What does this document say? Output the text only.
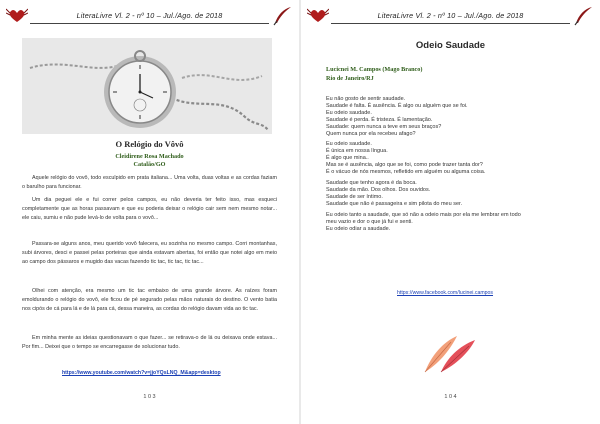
LiteraLivre Vl. 2 - nº 10 – Jul./Ago. de 2018
O Relógio do Vôvô
Cleidirene Rosa Machado
Catalão/GO

Aquele relógio do vovô, todo esculpido em prata italiana... Uma volta, duas voltas e as cordas faziam o barulho para funcionar.

Um dia peguei ele e fui correr pelos campos, eu não deveria ter feito isso, mas esqueci completamente que as horas passavam e que eu poderia deixar o relógio cair sem nem mesmo notar... ele caiu, sumiu e não pude levá-lo de volta para o vovô...

Passara-se alguns anos, meu querido vovô falecera, eu sozinha no mesmo campo. Corri montanhas, subi árvores, desci e passei pelas porteiras que ainda estavam abertas, foi então que notei algo em meio ao campo dos pássaros e mugido das vacas fazendo tic tac, tic tac, tic tac...

Olhei com atenção, era mesmo um tic tac embaixo de uma grande árvore. As raízes foram emoldurando o relógio do vovô, ele ficou de pé segurado pelas mãos naturais do destino. O vento batia nos cipós de cá para lá e de lá para cá, dessa maneira, as cordas do relógio davam vida ao tic tac.

Em minha mente as ideias questionavam o que fazer... se retirava-o de lá ou deixava onde estava... Por fim... Deixei que o tempo se encarregasse de solucionar tudo.

https://www.youtube.com/watch?v=jjoYQsLNQ_M&app=desktop
1 0 3
LiteraLivre Vl. 2 - nº 10 – Jul./Ago. de 2018
Odeio Saudade
Lucicnei M. Campos (Mago Branco)
Rio de Janeiro/RJ
Eu não gosto de sentir saudade.
Saudade é falta. É ausência. É algo ou alguém que se foi.
Eu odeio saudade.
Saudade é perda. É tristeza. É lamentação.
Saudade: quem nunca a teve em seus braços?
Quem nunca por ela recebeu afago?
Eu odeio saudade.
É única em nossa língua.
É algo que mina..
Mas se é ausência, algo que se foi, como pode trazer tanta dor?
É o vácuo de nós mesmos, refletido em alguém ou alguma coisa.
Saudade que tenho agora é da boca.
Saudade da mão. Dos olhos. Dos ouvidos.
Saudade de ser íntimo.
Saudade que não é passageira e sim pilota do meu ser.
Eu odeio tanto a saudade, que só não a odeio mais por ela me lembrar em todo
meu vazio e dor o que já fui e senti.
Eu odeio odiar a saudade.
https://www.facebook.com/lucinei.campos
1 0 4
